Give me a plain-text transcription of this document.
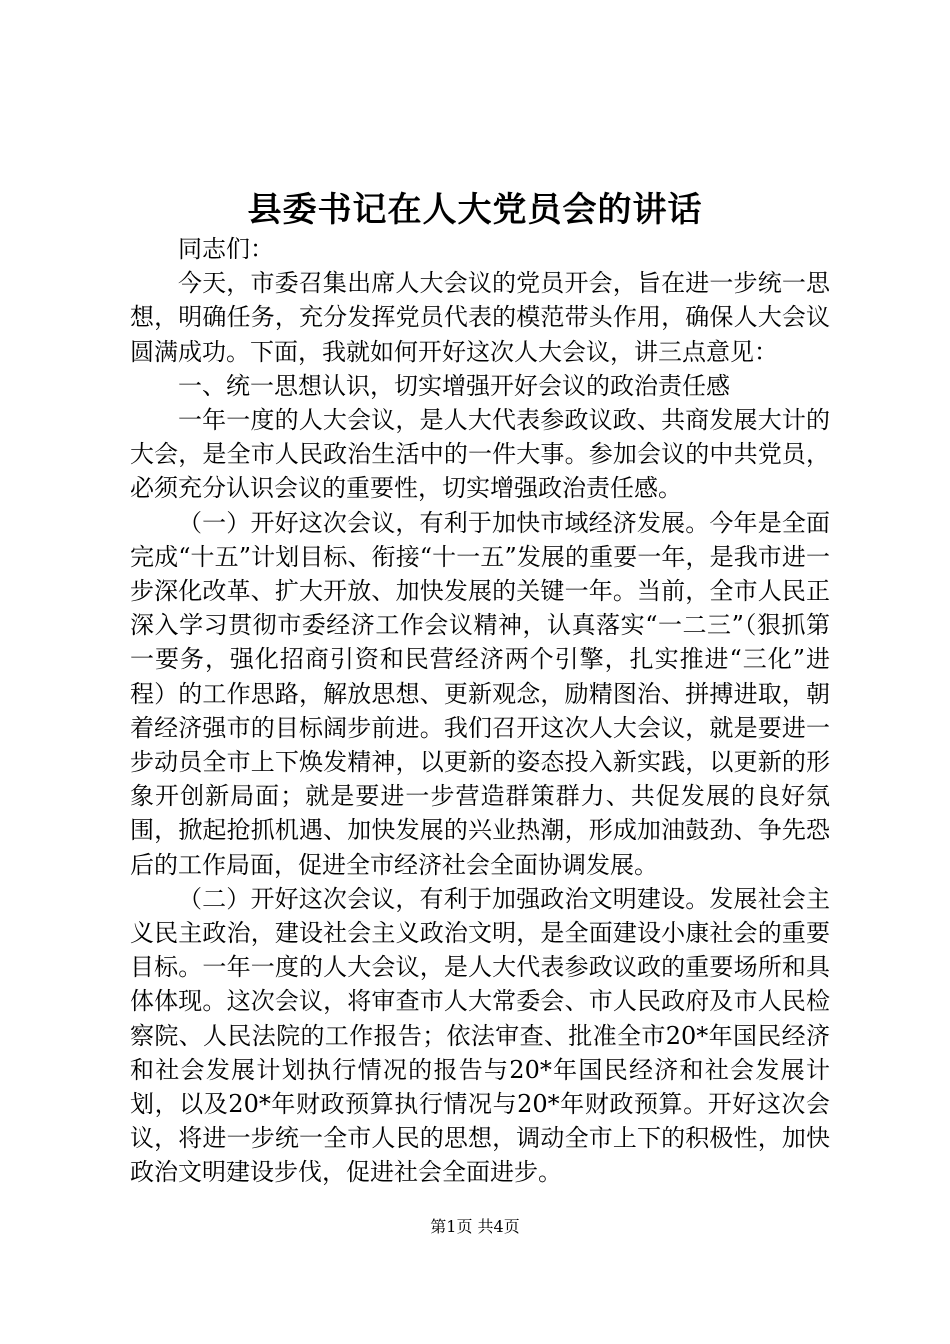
县委书记在人大党员会的讲话

同志们：

今天，市委召集出席人大会议的党员开会，旨在进一步统一思想，明确任务，充分发挥党员代表的模范带头作用，确保人大会议圆满成功。下面，我就如何开好这次人大会议，讲三点意见：

一、统一思想认识，切实增强开好会议的政治责任感

一年一度的人大会议，是人大代表参政议政、共商发展大计的大会，是全市人民政治生活中的一件大事。参加会议的中共党员，必须充分认识会议的重要性，切实增强政治责任感。

（一）开好这次会议，有利于加快市域经济发展。今年是全面完成“十五”计划目标、衔接“十一五”发展的重要一年，是我市进一步深化改革、扩大开放、加快发展的关键一年。当前，全市人民正深入学习贯彻市委经济工作会议精神，认真落实“一二三”（狠抓第一要务，强化招商引资和民营经济两个引擎，扎实推进“三化”进程）的工作思路，解放思想、更新观念，励精图治、拼搏进取，朝着经济强市的目标阔步前进。我们召开这次人大会议，就是要进一步动员全市上下焕发精神，以更新的姿态投入新实践，以更新的形象开创新局面；就是要进一步营造群策群力、共促发展的良好氛围，掀起抢抓机遇、加快发展的兴业热潮，形成加油鼓劲、争先恐后的工作局面，促进全市经济社会全面协调发展。

（二）开好这次会议，有利于加强政治文明建设。发展社会主义民主政治，建设社会主义政治文明，是全面建设小康社会的重要目标。一年一度的人大会议，是人大代表参政议政的重要场所和具体体现。这次会议，将审查市人大常委会、市人民政府及市人民检察院、人民法院的工作报告；依法审查、批准全市20*年国民经济和社会发展计划执行情况的报告与20*年国民经济和社会发展计划，以及20*年财政预算执行情况与20*年财政预算。开好这次会议，将进一步统一全市人民的思想，调动全市上下的积极性，加快政治文明建设步伐，促进社会全面进步。

第1页 共4页
